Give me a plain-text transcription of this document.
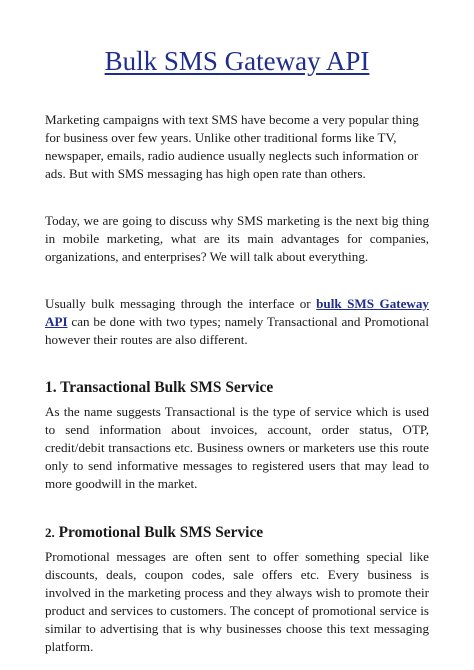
Bulk SMS Gateway API

Marketing campaigns with text SMS have become a very popular thing for business over few years. Unlike other traditional forms like TV, newspaper, emails, radio audience usually neglects such information or ads. But with SMS messaging has high open rate than others.

Today, we are going to discuss why SMS marketing is the next big thing in mobile marketing, what are its main advantages for companies, organizations, and enterprises? We will talk about everything.

Usually bulk messaging through the interface or bulk SMS Gateway API can be done with two types; namely Transactional and Promotional however their routes are also different.

1. Transactional Bulk SMS Service

As the name suggests Transactional is the type of service which is used to send information about invoices, account, order status, OTP, credit/debit transactions etc. Business owners or marketers use this route only to send informative messages to registered users that may lead to more goodwill in the market.

2. Promotional Bulk SMS Service

Promotional messages are often sent to offer something special like discounts, deals, coupon codes, sale offers etc. Every business is involved in the marketing process and they always wish to promote their product and services to customers. The concept of promotional service is similar to advertising that is why businesses choose this text messaging platform.
